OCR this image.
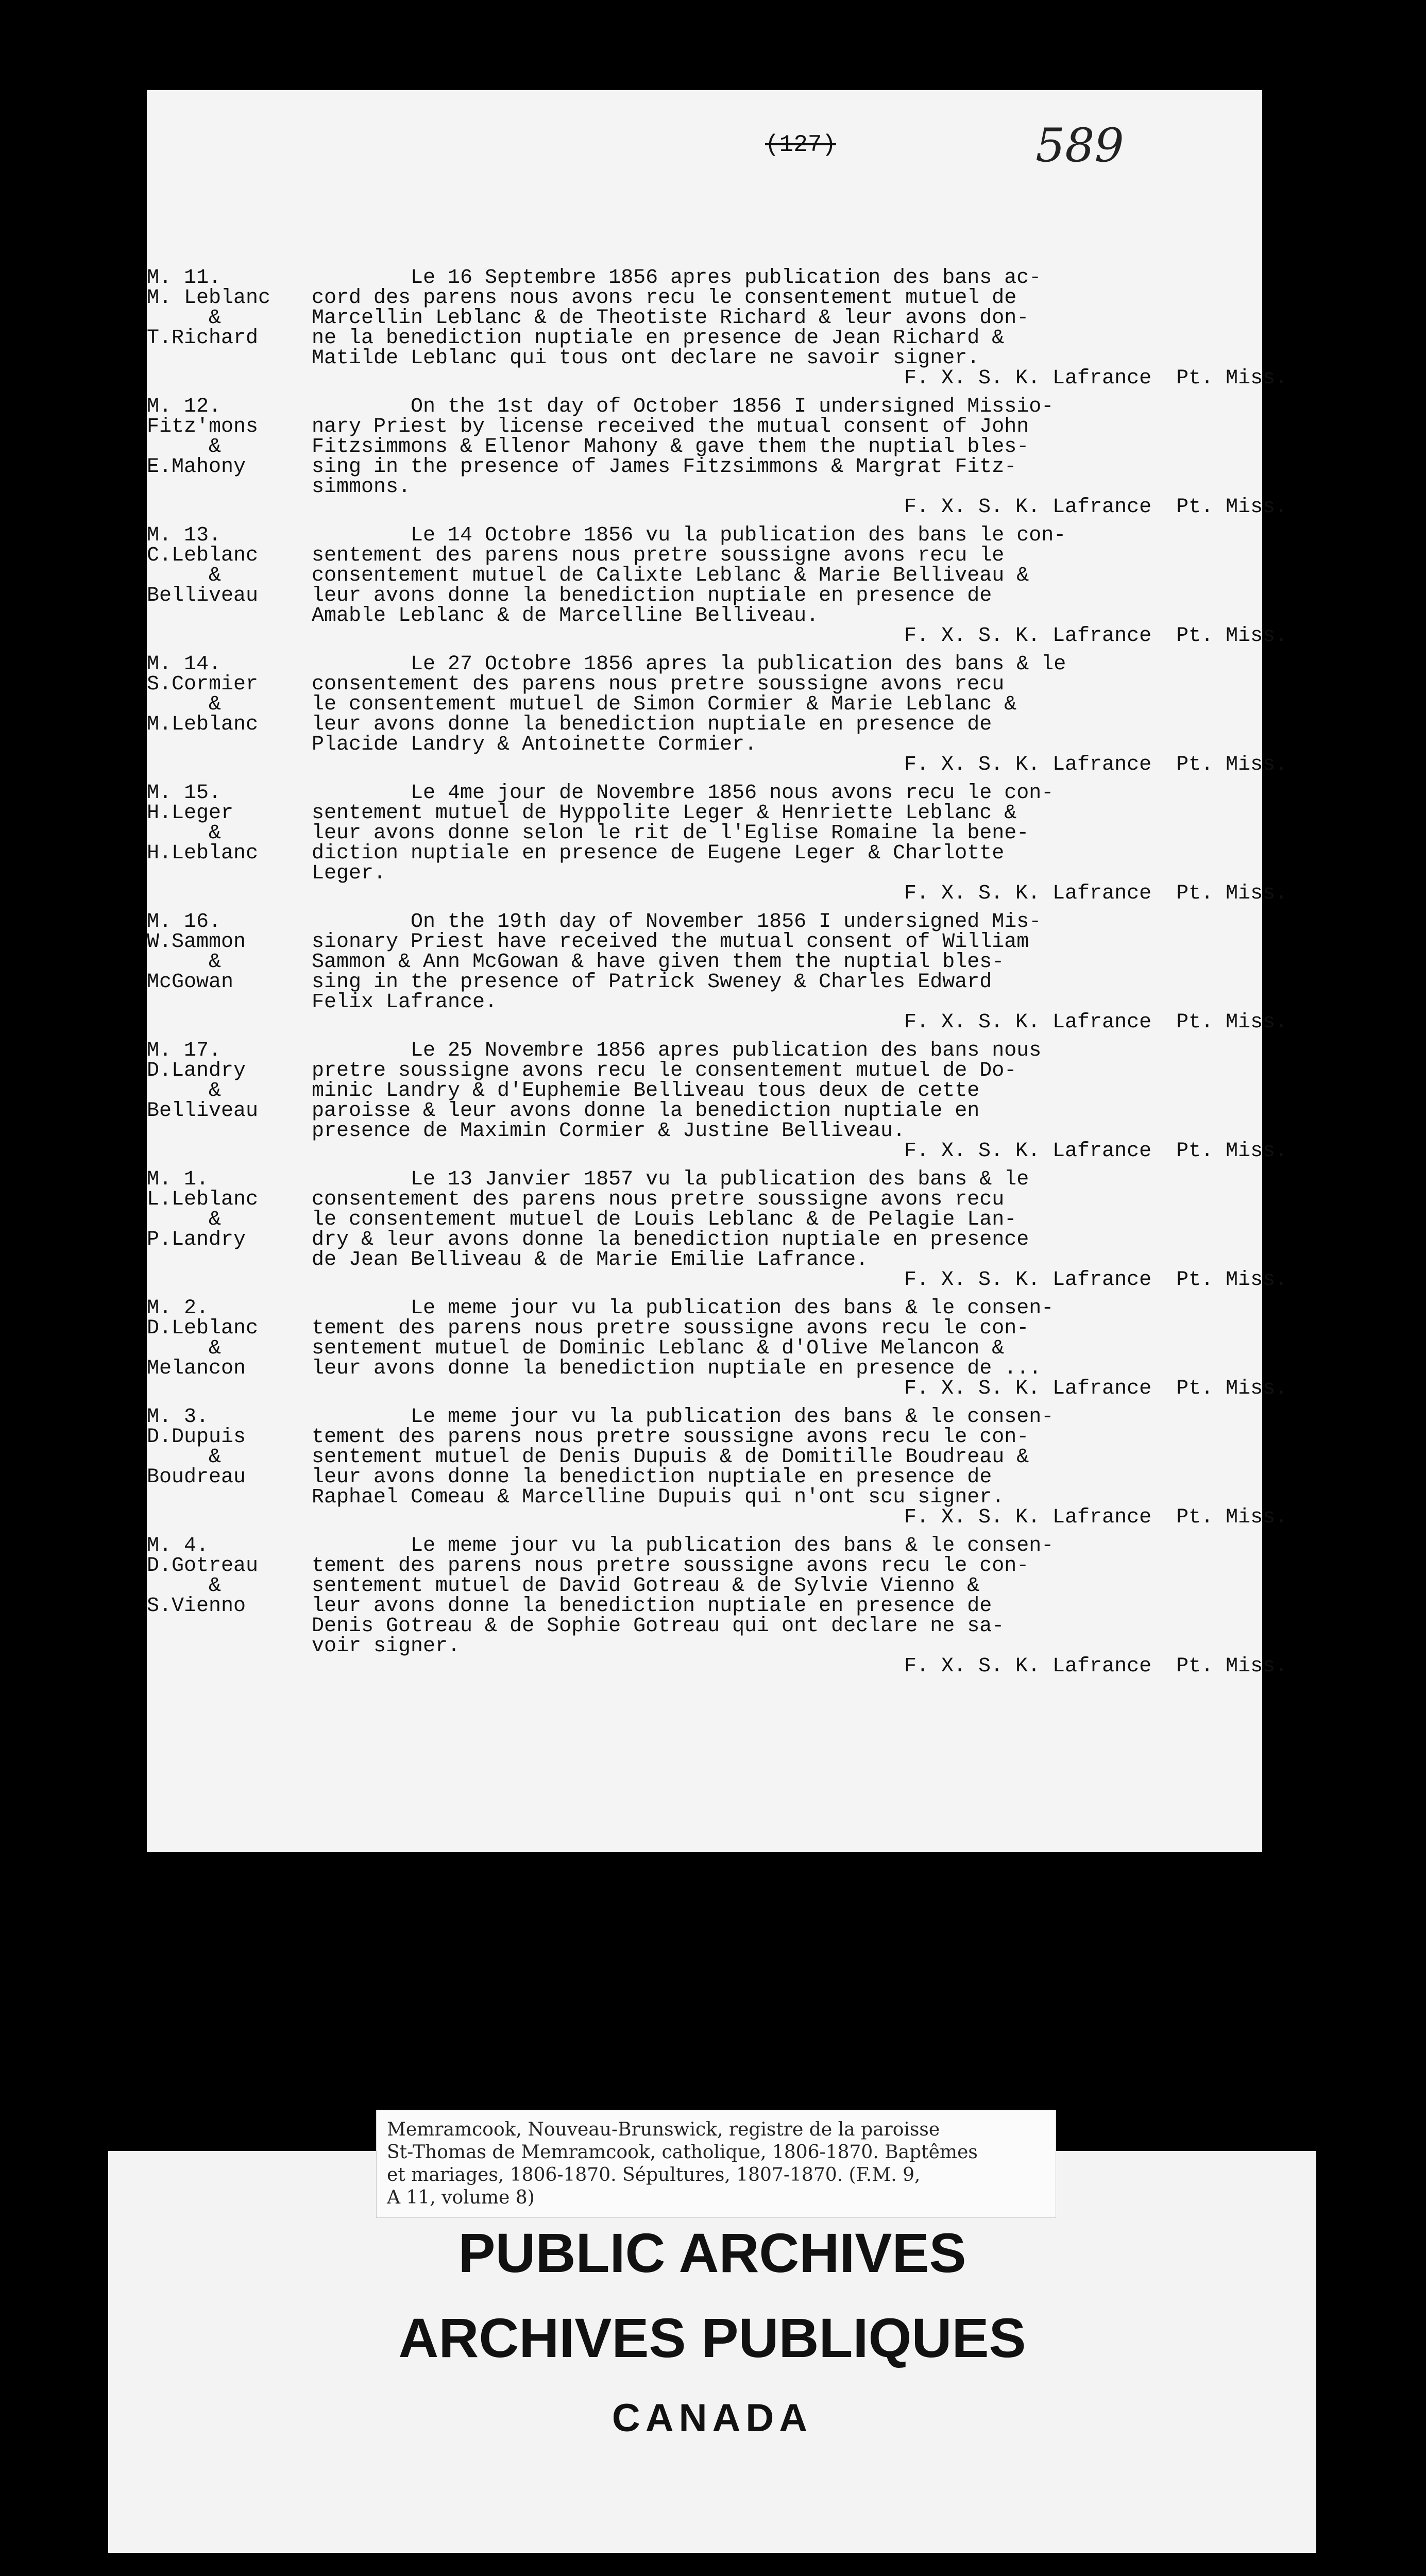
(127)	589
M. 11.
M. Leblanc
&
T.Richard
Le 16 Septembre 1856 apres publication des bans ac-
cord des parens nous avons recu le consentement mutuel de
Marcellin Leblanc & de Theotiste Richard & leur avons don-
ne la benediction nuptiale en presence de Jean Richard &
Matilde Leblanc qui tous ont declare ne savoir signer.
F. X. S. K. Lafrance  Pt. Miss.
M. 12.
Fitz'mons
&
E.Mahony
On the 1st day of October 1856 I undersigned Missio-
nary Priest by license received the mutual consent of John
Fitzsimmons & Ellenor Mahony & gave them the nuptial bles-
sing in the presence of James Fitzsimmons & Margrat Fitz-
simmons.
F. X. S. K. Lafrance  Pt. Miss.
M. 13.
C.Leblanc
&
Belliveau
Le 14 Octobre 1856 vu la publication des bans le con-
sentement des parens nous pretre soussigne avons recu le
consentement mutuel de Calixte Leblanc & Marie Belliveau &
leur avons donne la benediction nuptiale en presence de
Amable Leblanc & de Marcelline Belliveau.
F. X. S. K. Lafrance  Pt. Miss.
M. 14.
S.Cormier
&
M.Leblanc
Le 27 Octobre 1856 apres la publication des bans & le
consentement des parens nous pretre soussigne avons recu
le consentement mutuel de Simon Cormier & Marie Leblanc &
leur avons donne la benediction nuptiale en presence de
Placide Landry & Antoinette Cormier.
F. X. S. K. Lafrance  Pt. Miss.
M. 15.
H.Leger
&
H.Leblanc
Le 4me jour de Novembre 1856 nous avons recu le con-
sentement mutuel de Hyppolite Leger & Henriette Leblanc &
leur avons donne selon le rit de l'Eglise Romaine la bene-
diction nuptiale en presence de Eugene Leger & Charlotte
Leger.
F. X. S. K. Lafrance  Pt. Miss.
M. 16.
W.Sammon
&
McGowan
On the 19th day of November 1856 I undersigned Mis-
sionary Priest have received the mutual consent of William
Sammon & Ann McGowan & have given them the nuptial bles-
sing in the presence of Patrick Sweney & Charles Edward
Felix Lafrance.
F. X. S. K. Lafrance  Pt. Miss.
M. 17.
D.Landry
&
Belliveau
Le 25 Novembre 1856 apres publication des bans nous
pretre soussigne avons recu le consentement mutuel de Do-
minic Landry & d'Euphemie Belliveau tous deux de cette
paroisse & leur avons donne la benediction nuptiale en
presence de Maximin Cormier & Justine Belliveau.
F. X. S. K. Lafrance  Pt. Miss.
M. 1.
L.Leblanc
&
P.Landry
Le 13 Janvier 1857 vu la publication des bans & le
consentement des parens nous pretre soussigne avons recu
le consentement mutuel de Louis Leblanc & de Pelagie Lan-
dry & leur avons donne la benediction nuptiale en presence
de Jean Belliveau & de Marie Emilie Lafrance.
F. X. S. K. Lafrance  Pt. Miss.
M. 2.
D.Leblanc
&
Melancon
Le meme jour vu la publication des bans & le consen-
tement des parens nous pretre soussigne avons recu le con-
sentement mutuel de Dominic Leblanc & d'Olive Melancon &
leur avons donne la benediction nuptiale en presence de ...
F. X. S. K. Lafrance  Pt. Miss.
M. 3.
D.Dupuis
&
Boudreau
Le meme jour vu la publication des bans & le consen-
tement des parens nous pretre soussigne avons recu le con-
sentement mutuel de Denis Dupuis & de Domitille Boudreau &
leur avons donne la benediction nuptiale en presence de
Raphael Comeau & Marcelline Dupuis qui n'ont scu signer.
F. X. S. K. Lafrance  Pt. Miss.
M. 4.
D.Gotreau
&
S.Vienno
Le meme jour vu la publication des bans & le consen-
tement des parens nous pretre soussigne avons recu le con-
sentement mutuel de David Gotreau & de Sylvie Vienno &
leur avons donne la benediction nuptiale en presence de
Denis Gotreau & de Sophie Gotreau qui ont declare ne sa-
voir signer.
F. X. S. K. Lafrance  Pt. Miss.
PUBLIC ARCHIVES
ARCHIVES PUBLIQUES
CANADA
Memramcook, Nouveau-Brunswick, registre de la paroisse
St-Thomas de Memramcook, catholique, 1806-1870. Baptêmes
et mariages, 1806-1870. Sépultures, 1807-1870. (F.M. 9,
A 11, volume 8)
